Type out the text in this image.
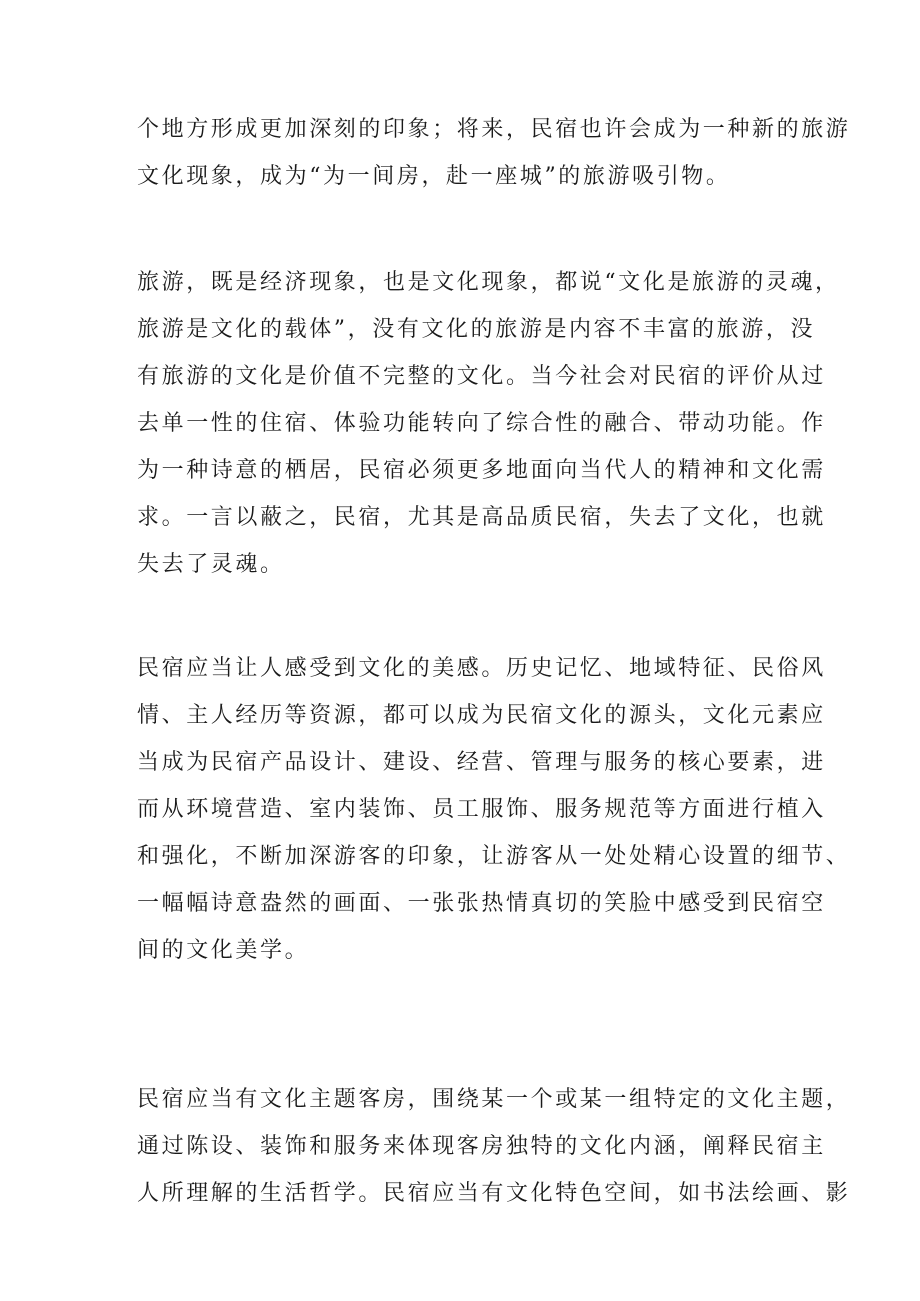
个地方形成更加深刻的印象；将来，民宿也许会成为一种新的旅游
文化现象，成为“为一间房，赴一座城”的旅游吸引物。

旅游，既是经济现象，也是文化现象，都说“文化是旅游的灵魂，
旅游是文化的载体”，没有文化的旅游是内容不丰富的旅游，没
有旅游的文化是价值不完整的文化。当今社会对民宿的评价从过
去单一性的住宿、体验功能转向了综合性的融合、带动功能。作
为一种诗意的栖居，民宿必须更多地面向当代人的精神和文化需
求。一言以蔽之，民宿，尤其是高品质民宿，失去了文化，也就
失去了灵魂。

民宿应当让人感受到文化的美感。历史记忆、地域特征、民俗风
情、主人经历等资源，都可以成为民宿文化的源头，文化元素应
当成为民宿产品设计、建设、经营、管理与服务的核心要素，进
而从环境营造、室内装饰、员工服饰、服务规范等方面进行植入
和强化，不断加深游客的印象，让游客从一处处精心设置的细节、
一幅幅诗意盎然的画面、一张张热情真切的笑脸中感受到民宿空
间的文化美学。

民宿应当有文化主题客房，围绕某一个或某一组特定的文化主题，
通过陈设、装饰和服务来体现客房独特的文化内涵，阐释民宿主
人所理解的生活哲学。民宿应当有文化特色空间，如书法绘画、影
